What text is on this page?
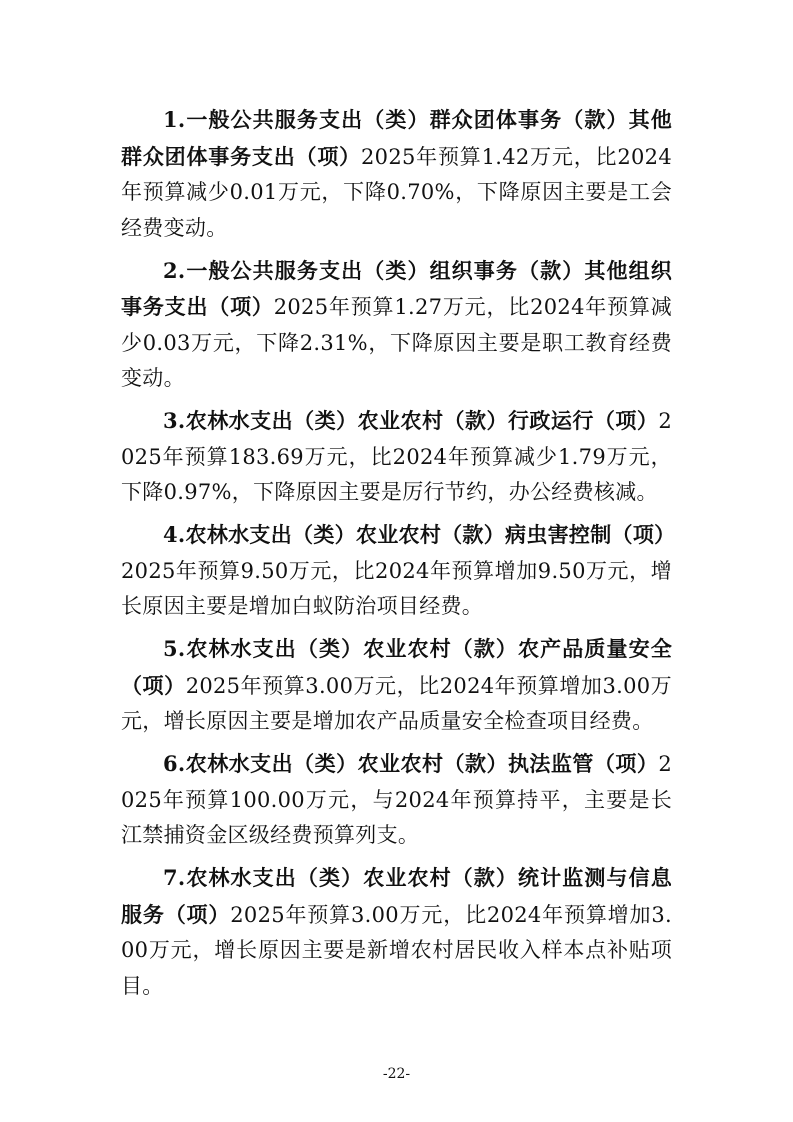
1.一般公共服务支出（类）群众团体事务（款）其他群众团体事务支出（项）2025年预算1.42万元，比2024年预算减少0.01万元，下降0.70%，下降原因主要是工会经费变动。

2.一般公共服务支出（类）组织事务（款）其他组织事务支出（项）2025年预算1.27万元，比2024年预算减少0.03万元，下降2.31%，下降原因主要是职工教育经费变动。

3.农林水支出（类）农业农村（款）行政运行（项）2025年预算183.69万元，比2024年预算减少1.79万元，下降0.97%，下降原因主要是厉行节约，办公经费核减。

4.农林水支出（类）农业农村（款）病虫害控制（项）2025年预算9.50万元，比2024年预算增加9.50万元，增长原因主要是增加白蚁防治项目经费。

5.农林水支出（类）农业农村（款）农产品质量安全（项）2025年预算3.00万元，比2024年预算增加3.00万元，增长原因主要是增加农产品质量安全检查项目经费。

6.农林水支出（类）农业农村（款）执法监管（项）2025年预算100.00万元，与2024年预算持平，主要是长江禁捕资金区级经费预算列支。

7.农林水支出（类）农业农村（款）统计监测与信息服务（项）2025年预算3.00万元，比2024年预算增加3.00万元，增长原因主要是新增农村居民收入样本点补贴项目。

-22-
